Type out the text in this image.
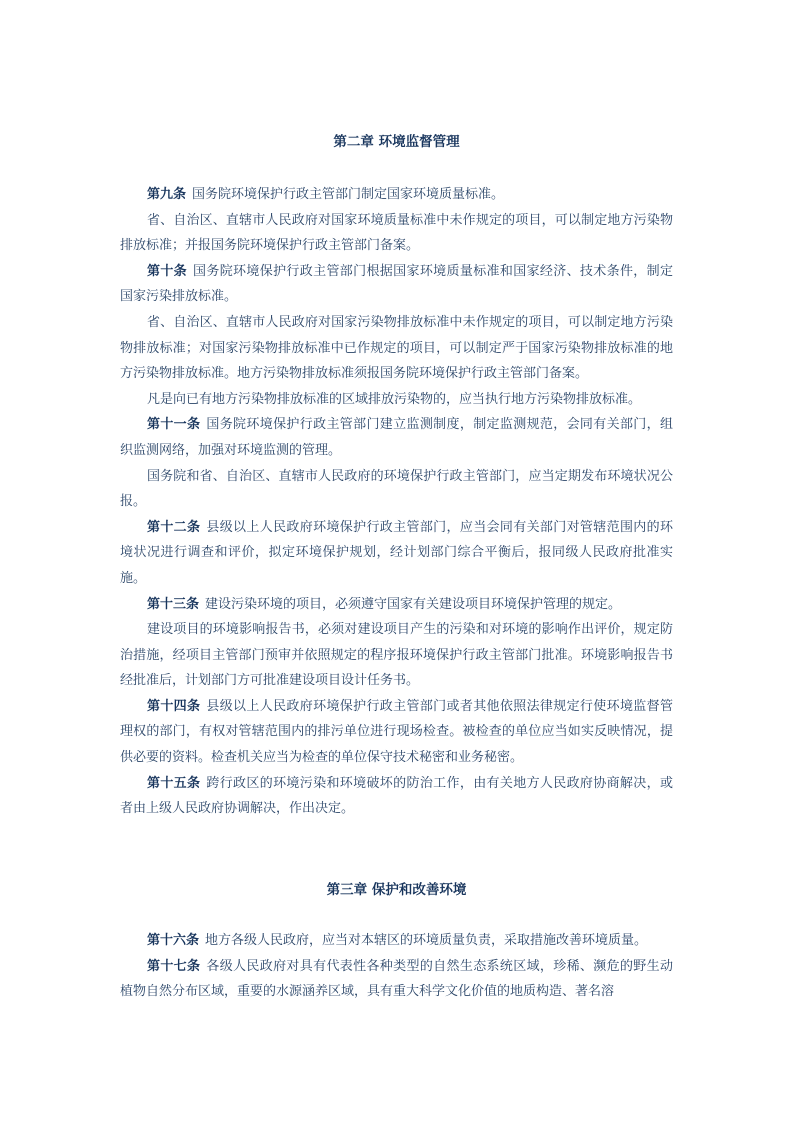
第二章 环境监督管理

第九条 国务院环境保护行政主管部门制定国家环境质量标准。

省、自治区、直辖市人民政府对国家环境质量标准中未作规定的项目，可以制定地方污染物排放标准；并报国务院环境保护行政主管部门备案。

第十条 国务院环境保护行政主管部门根据国家环境质量标准和国家经济、技术条件，制定国家污染排放标准。

省、自治区、直辖市人民政府对国家污染物排放标准中未作规定的项目，可以制定地方污染物排放标准；对国家污染物排放标准中已作规定的项目，可以制定严于国家污染物排放标准的地方污染物排放标准。地方污染物排放标准须报国务院环境保护行政主管部门备案。

凡是向已有地方污染物排放标准的区域排放污染物的，应当执行地方污染物排放标准。

第十一条 国务院环境保护行政主管部门建立监测制度，制定监测规范，会同有关部门，组织监测网络，加强对环境监测的管理。

国务院和省、自治区、直辖市人民政府的环境保护行政主管部门，应当定期发布环境状况公报。

第十二条 县级以上人民政府环境保护行政主管部门，应当会同有关部门对管辖范围内的环境状况进行调查和评价，拟定环境保护规划，经计划部门综合平衡后，报同级人民政府批准实施。

第十三条 建设污染环境的项目，必须遵守国家有关建设项目环境保护管理的规定。

建设项目的环境影响报告书，必须对建设项目产生的污染和对环境的影响作出评价，规定防治措施，经项目主管部门预审并依照规定的程序报环境保护行政主管部门批准。环境影响报告书经批准后，计划部门方可批准建设项目设计任务书。

第十四条 县级以上人民政府环境保护行政主管部门或者其他依照法律规定行使环境监督管理权的部门，有权对管辖范围内的排污单位进行现场检查。被检查的单位应当如实反映情况，提供必要的资料。检查机关应当为检查的单位保守技术秘密和业务秘密。

第十五条 跨行政区的环境污染和环境破坏的防治工作，由有关地方人民政府协商解决，或者由上级人民政府协调解决，作出决定。

第三章 保护和改善环境

第十六条 地方各级人民政府，应当对本辖区的环境质量负责，采取措施改善环境质量。

第十七条 各级人民政府对具有代表性各种类型的自然生态系统区域，珍稀、濒危的野生动植物自然分布区域，重要的水源涵养区域，具有重大科学文化价值的地质构造、著名溶
